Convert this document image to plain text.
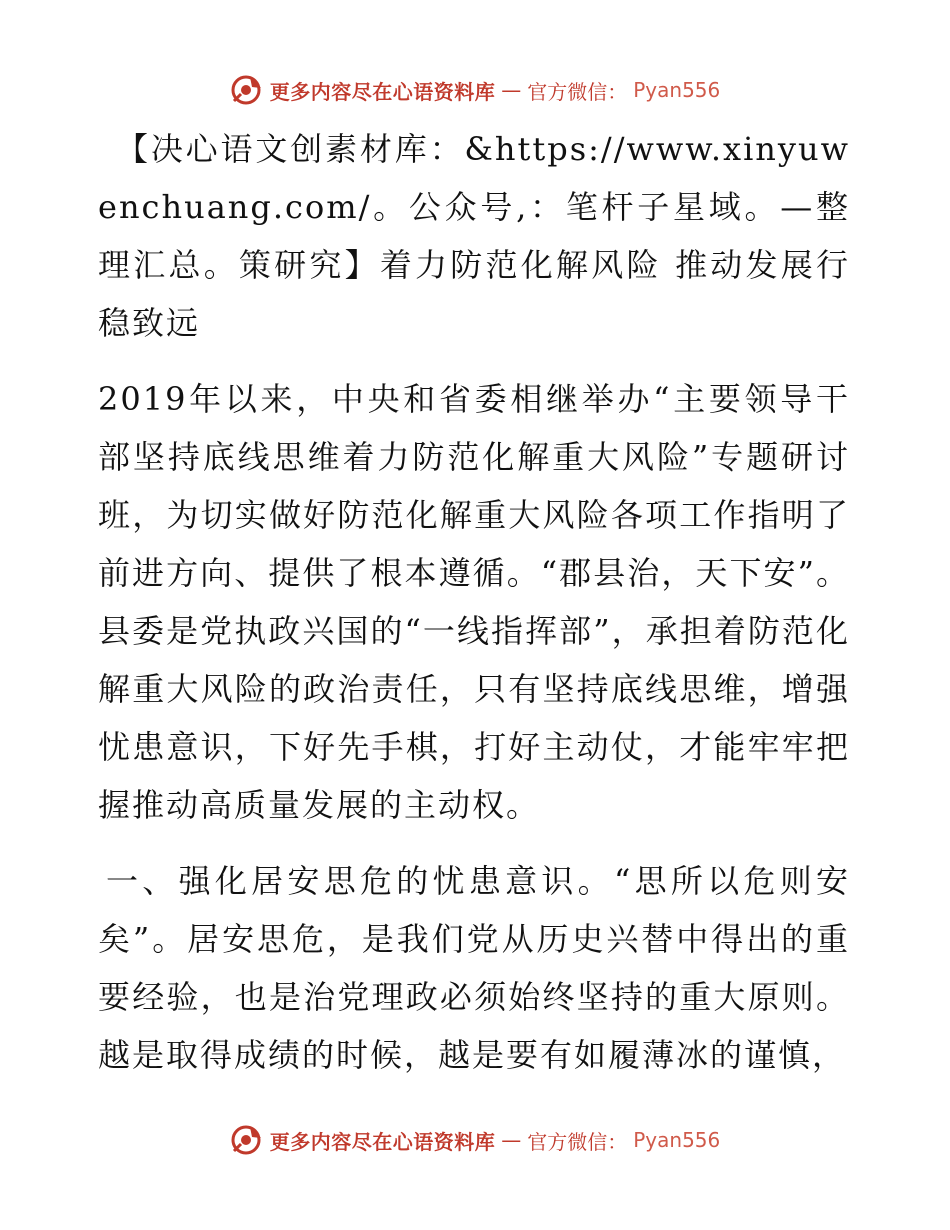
更多内容尽在心语资料库 — 官方微信： Pyan556

【决心语文创素材库：&https://www.xinyuwenchuang.com/。公众号,：笔杆子星域。—整理汇总。策研究】着力防范化解风险 推动发展行稳致远

2019年以来，中央和省委相继举办“主要领导干部坚持底线思维着力防范化解重大风险”专题研讨班，为切实做好防范化解重大风险各项工作指明了前进方向、提供了根本遵循。“郡县治，天下安”。县委是党执政兴国的“一线指挥部”，承担着防范化解重大风险的政治责任，只有坚持底线思维，增强忧患意识，下好先手棋，打好主动仗，才能牢牢把握推动高质量发展的主动权。

一、强化居安思危的忧患意识。“思所以危则安矣”。居安思危，是我们党从历史兴替中得出的重要经验，也是治党理政必须始终坚持的重大原则。越是取得成绩的时候，越是要有如履薄冰的谨慎，

更多内容尽在心语资料库 — 官方微信： Pyan556
